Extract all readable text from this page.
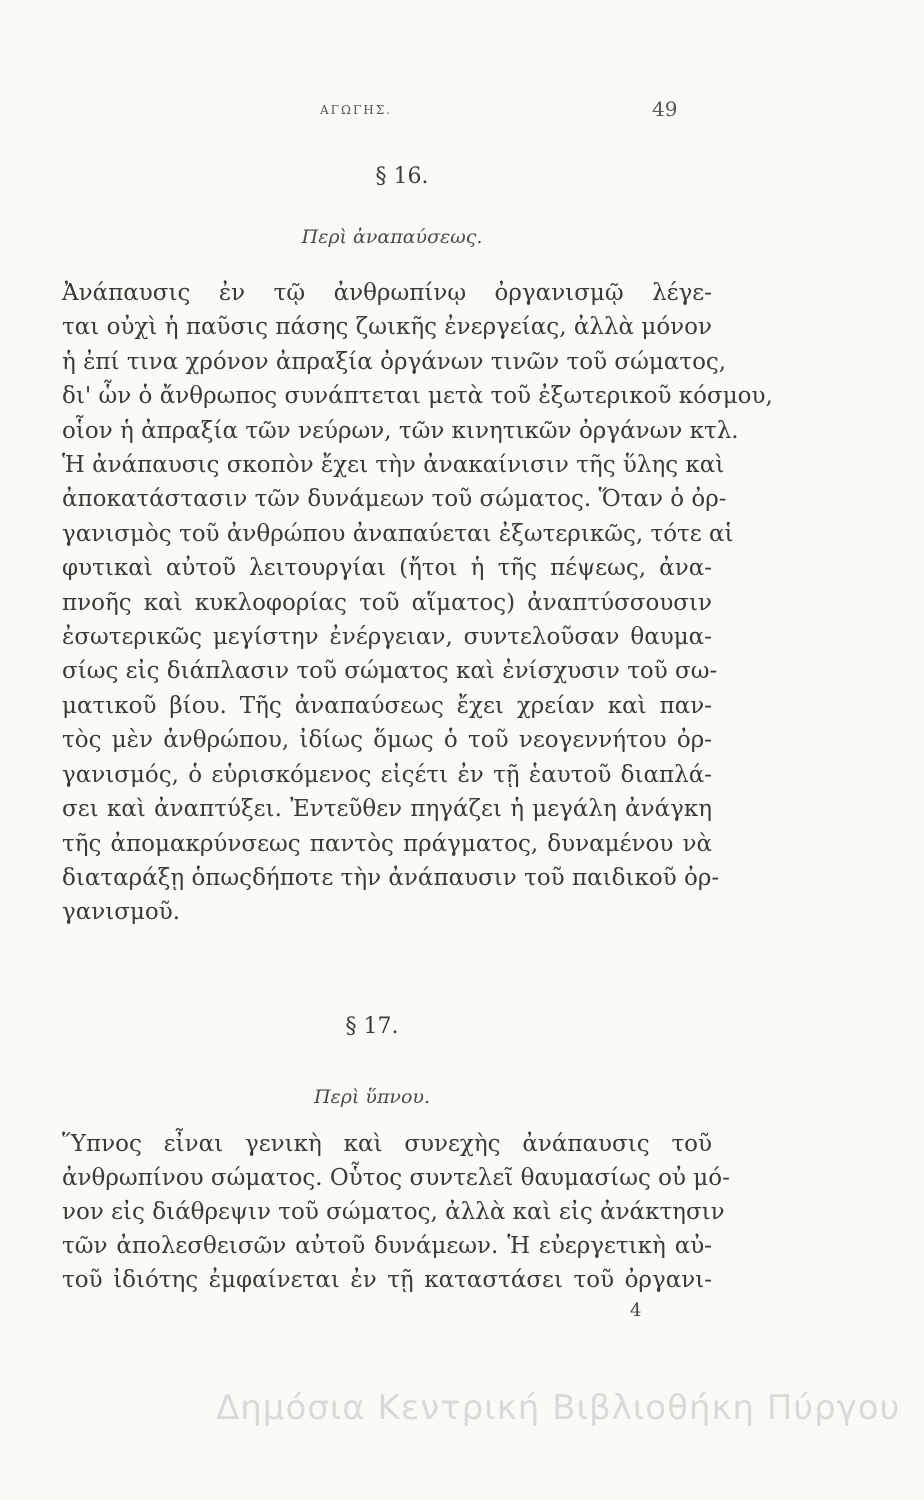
ΑΓΩΓΗΣ.	49
§ 16.
Περὶ ἀναπαύσεως.
Ἀνάπαυσις ἐν τῷ ἀνθρωπίνῳ ὀργανισμῷ λέγε-
ται οὐχὶ ἡ παῦσις πάσης ζωικῆς ἐνεργείας, ἀλλὰ μόνον
ἡ ἐπί τινα χρόνον ἀπραξία ὀργάνων τινῶν τοῦ σώματος,
δι' ὧν ὁ ἄνθρωπος συνάπτεται μετὰ τοῦ ἐξωτερικοῦ κόσμου,
οἷον ἡ ἀπραξία τῶν νεύρων, τῶν κινητικῶν ὀργάνων κτλ.
Ἡ ἀνάπαυσις σκοπὸν ἔχει τὴν ἀνακαίνισιν τῆς ὕλης καὶ
ἀποκατάστασιν τῶν δυνάμεων τοῦ σώματος. Ὅταν ὁ ὀρ-
γανισμὸς τοῦ ἀνθρώπου ἀναπαύεται ἐξωτερικῶς, τότε αἱ
φυτικαὶ αὐτοῦ λειτουργίαι (ἤτοι ἡ τῆς πέψεως, ἀνα-
πνοῆς καὶ κυκλοφορίας τοῦ αἵματος) ἀναπτύσσουσιν
ἐσωτερικῶς μεγίστην ἐνέργειαν, συντελοῦσαν θαυμα-
σίως εἰς διάπλασιν τοῦ σώματος καὶ ἐνίσχυσιν τοῦ σω-
ματικοῦ βίου. Τῆς ἀναπαύσεως ἔχει χρείαν καὶ παν-
τὸς μὲν ἀνθρώπου, ἰδίως ὅμως ὁ τοῦ νεογεννήτου ὀρ-
γανισμός, ὁ εὑρισκόμενος εἰςέτι ἐν τῇ ἑαυτοῦ διαπλά-
σει καὶ ἀναπτύξει. Ἐντεῦθεν πηγάζει ἡ μεγάλη ἀνάγκη
τῆς ἀπομακρύνσεως παντὸς πράγματος, δυναμένου νὰ
διαταράξῃ ὁπωςδήποτε τὴν ἀνάπαυσιν τοῦ παιδικοῦ ὀρ-
γανισμοῦ.
§ 17.
Περὶ ὕπνου.
Ὕπνος εἶναι γενικὴ καὶ συνεχὴς ἀνάπαυσις τοῦ
ἀνθρωπίνου σώματος. Οὗτος συντελεῖ θαυμασίως οὐ μό-
νον εἰς διάθρεψιν τοῦ σώματος, ἀλλὰ καὶ εἰς ἀνάκτησιν
τῶν ἀπολεσθεισῶν αὐτοῦ δυνάμεων. Ἡ εὐεργετικὴ αὐ-
τοῦ ἰδιότης ἐμφαίνεται ἐν τῇ καταστάσει τοῦ ὀργανι-
4
Δημόσια Κεντρική Βιβλιοθήκη Πύργου
